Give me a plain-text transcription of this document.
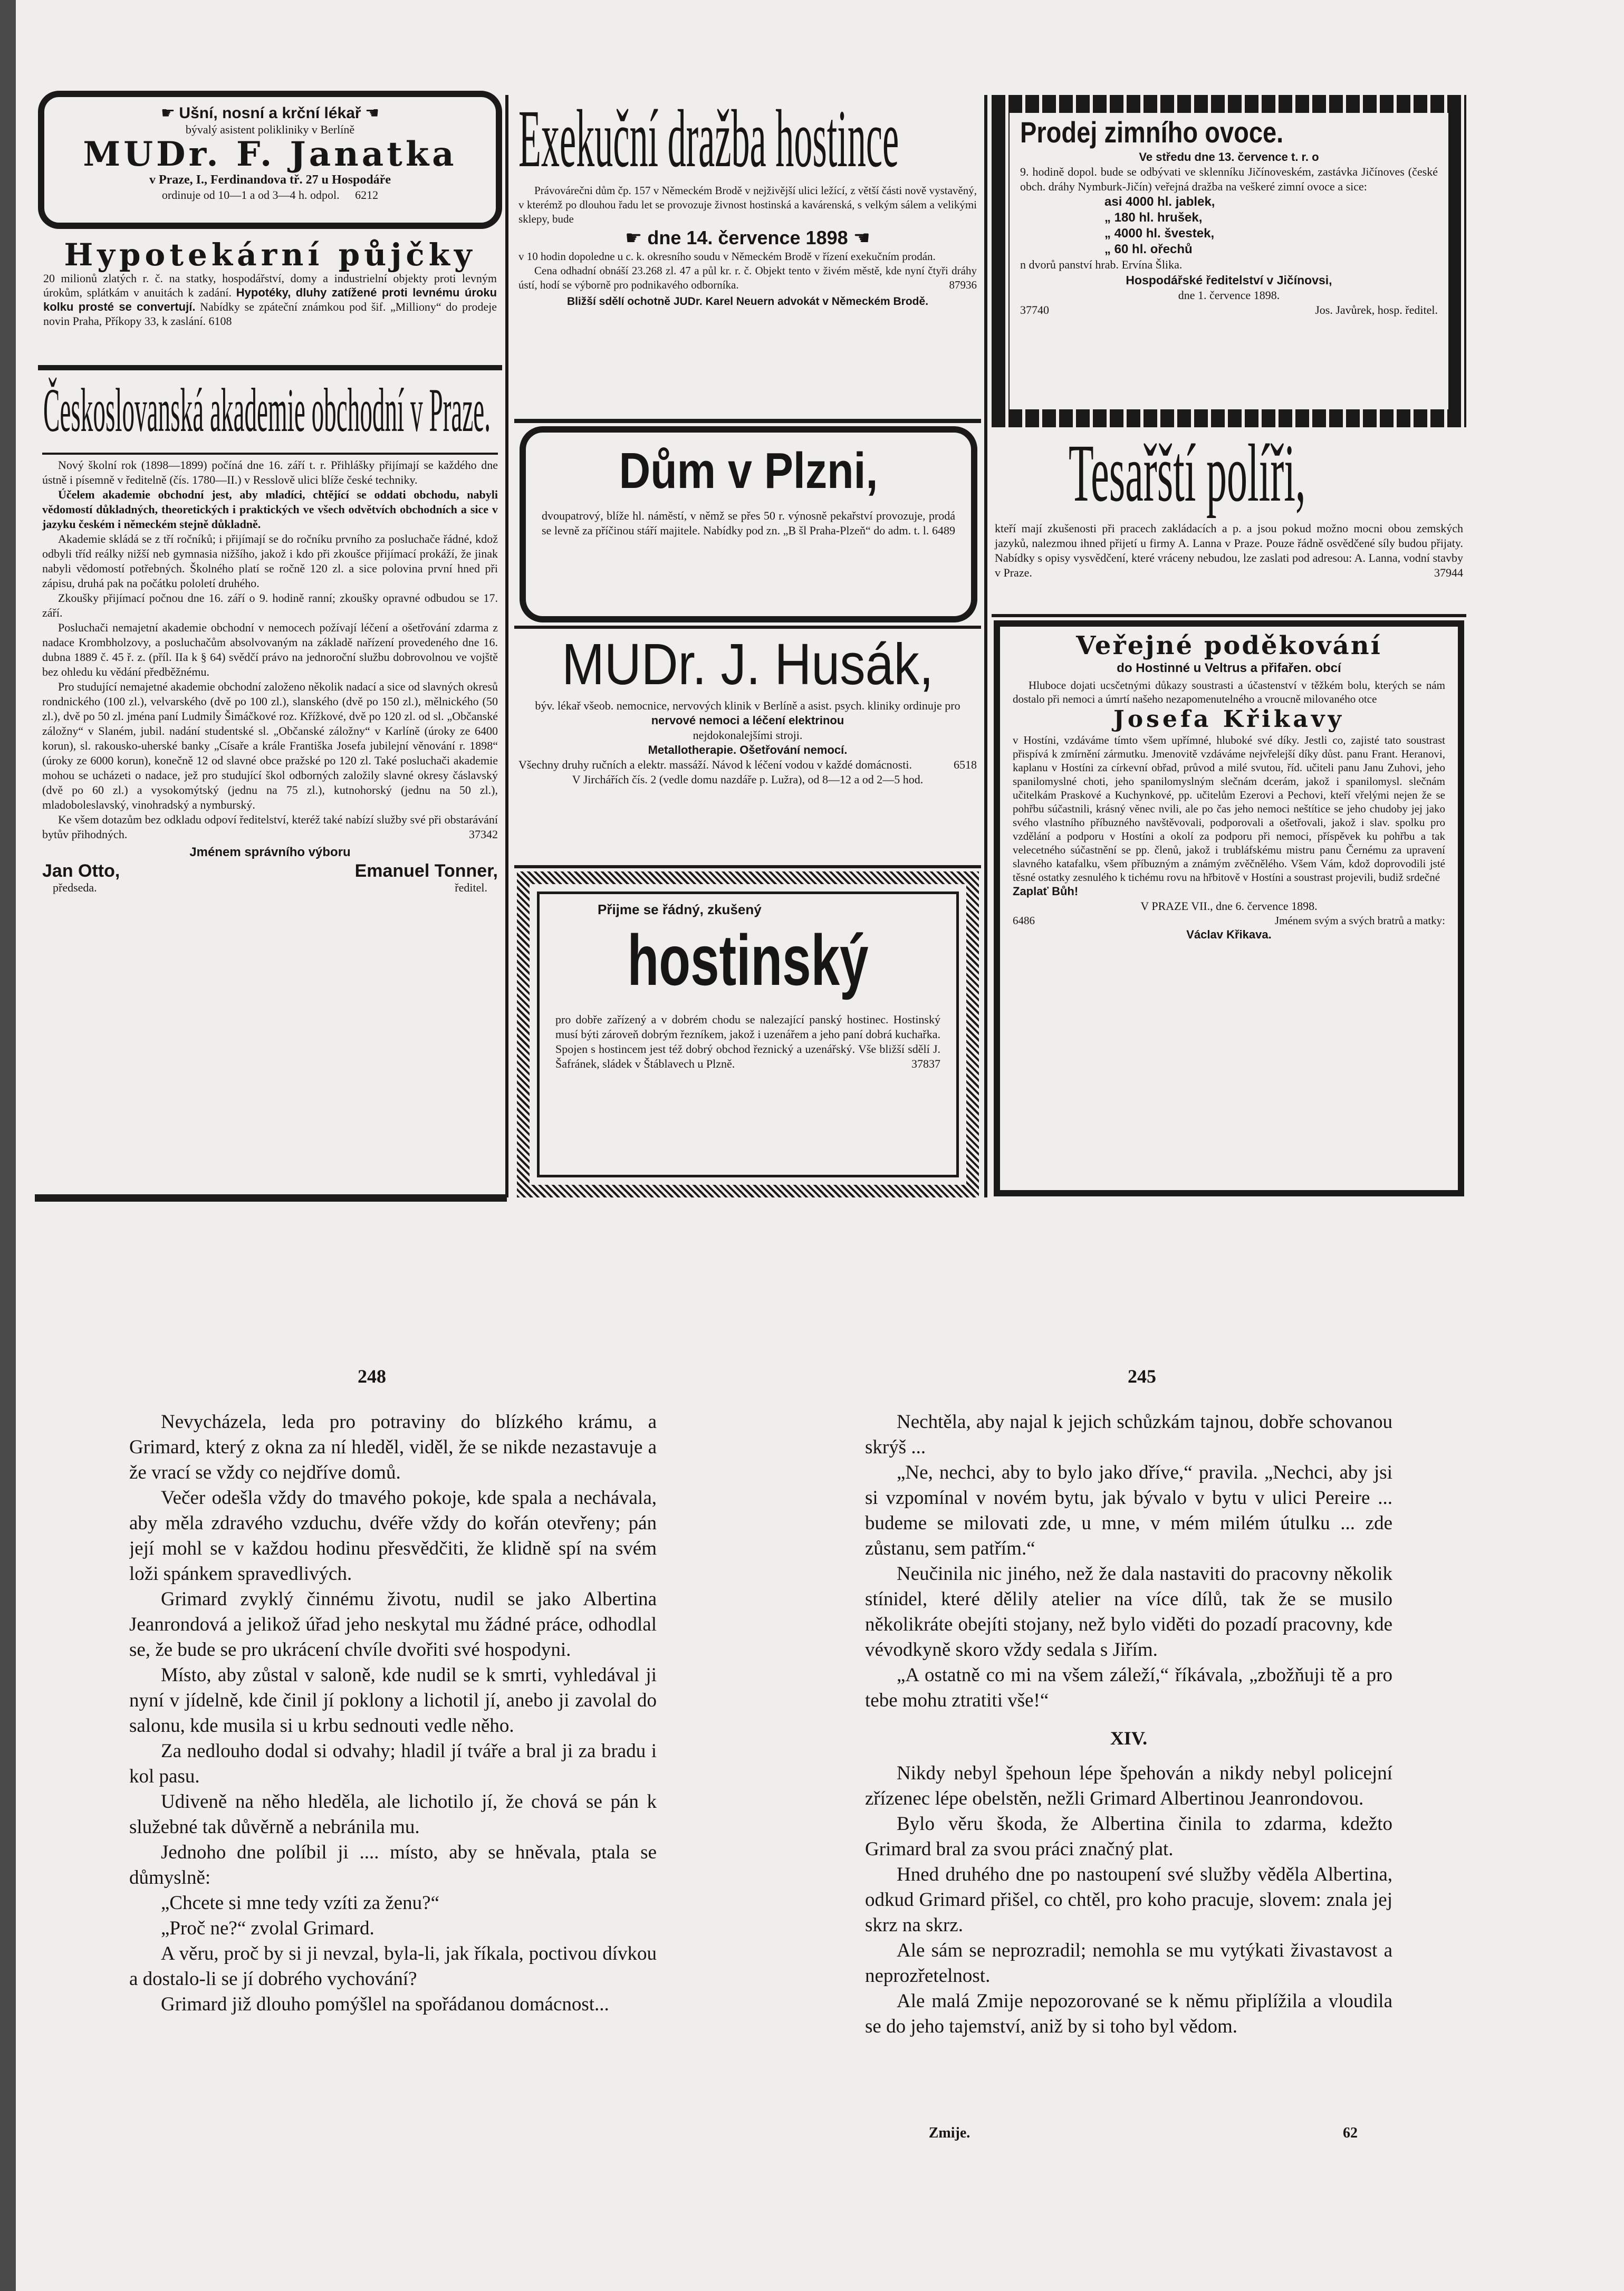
☛ Ušní, nosní a krční lékař ☚
bývalý asistent polikliniky v Berlíně
MUDr. F. Janatka
v Praze, I., Ferdinandova tř. 27 u Hospodáře
ordinuje od 10—1 a od 3—4 h. odpol. 6212
Hypotekární půjčky

20 milionů zlatých r. č. na statky, hospodářství, domy a industrielní objekty proti levným úrokům, splátkám v anuitách k zadání. Hypotéky, dluhy zatížené proti levnému úroku kolku prosté se convertují. Nabídky se zpáteční známkou pod šif. „Milliony“ do prodeje novin Praha, Příkopy 33, k zaslání. 6108

Českoslovanská akademie obchodní v Praze.

Nový školní rok (1898—1899) počíná dne 16. září t. r. Přihlášky přijímají se každého dne ústně i písemně v ředitelně (čís. 1780—II.) v Resslově ulici blíže české techniky.

Účelem akademie obchodní jest, aby mladíci, chtějící se oddati obchodu, nabyli vědomostí důkladných, theoretických i praktických ve všech odvětvích obchodních a sice v jazyku českém i německém stejně důkladně.

Akademie skládá se z tří ročníků; i přijímají se do ročníku prvního za posluchače řádné, kdož odbyli tříd reálky nižší neb gymnasia nižšího, jakož i kdo při zkoušce přijímací prokáží, že jinak nabyli vědomostí potřebných. Školného platí se ročně 120 zl. a sice polovina první hned při zápisu, druhá pak na počátku pololetí druhého.

Zkoušky přijímací počnou dne 16. září o 9. hodině ranní; zkoušky opravné odbudou se 17. září.

Posluchači nemajetní akademie obchodní v nemocech požívají léčení a ošetřování zdarma z nadace Krombholzovy, a posluchačům absolvovaným na základě nařízení provedeného dne 16. dubna 1889 č. 45 ř. z. (příl. IIa k § 64) svědčí právo na jednoroční službu dobrovolnou ve vojště bez ohledu ku vědání předběžnému.

Pro studující nemajetné akademie obchodní založeno několik nadací a sice od slavných okresů rondnického (100 zl.), velvarského (dvě po 100 zl.), slanského (dvě po 150 zl.), mělnického (50 zl.), dvě po 50 zl. jména paní Ludmily Šimáčkové roz. Křížkové, dvě po 120 zl. od sl. „Občanské záložny“ v Slaném, jubil. nadání studentské sl. „Občanské záložny“ v Karlíně (úroky ze 6400 korun), sl. rakousko-uherské banky „Císaře a krále Františka Josefa jubilejní věnování r. 1898“ (úroky ze 6000 korun), konečně 12 od slavné obce pražské po 120 zl. Také posluchači akademie mohou se ucházeti o nadace, jež pro studující škol odborných založily slavné okresy čáslavský (dvě po 60 zl.) a vysokomýtský (jednu na 75 zl.), kutnohorský (jednu na 50 zl.), mladoboleslavský, vinohradský a nymburský.

Ke všem dotazům bez odkladu odpoví ředitelství, kteréž také nabízí služby své při obstarávání bytův přihodných.	37342

Jménem správního výboru
Jan Otto,	Emanuel Tonner,
předseda.	ředitel.
Exekuční dražba hostince

Právovárečni dům čp. 157 v Německém Brodě v nejživější ulici ležící, z větší části nově vystavěný, v kterémž po dlouhou řadu let se provozuje živnost hostinská a kavárenská, s velkým sálem a velikými sklepy, bude

☛ dne 14. července 1898 ☚

v 10 hodin dopoledne u c. k. okresního soudu v Německém Brodě v řízení exekučním prodán.

Cena odhadní obnáší 23.268 zl. 47 a půl kr. r. č. Objekt tento v živém městě, kde nyní čtyři dráhy ústí, hodí se výborně pro podnikavého odborníka.	87936

Bližší sdělí ochotně JUDr. Karel Neuern advokát v Německém Brodě.

Dům v Plzni,

dvoupatrový, blíže hl. náměstí, v němž se přes 50 r. výnosně pekařství provozuje, prodá se levně za příčinou stáří majitele. Nabídky pod zn. „B šl Praha-Plzeň“ do adm. t. l. 6489

MUDr. J. Husák,

býv. lékař všeob. nemocnice, nervových klinik v Berlíně a asist. psych. kliniky ordinuje pro

nervové nemoci a léčení elektrinou

nejdokonalejšími stroji.

Metallotherapie. Ošetřování nemocí.

Všechny druhy ručních a elektr. massáží. Návod k léčení vodou v každé domácnosti.	6518

V Jirchářích čís. 2 (vedle domu nazdáře p. Lužra), od 8—12 a od 2—5 hod.

Přijme se řádný, zkušený
hostinský

pro dobře zařízený a v dobrém chodu se nalezající panský hostinec. Hostinský musí býti zároveň dobrým řezníkem, jakož i uzenářem a jeho paní dobrá kuchařka. Spojen s hostincem jest též dobrý obchod řeznický a uzenářský. Vše bližší sdělí J. Šafránek, sládek v Štáblavech u Plzně.	37837

Prodej zimního ovoce.

Ve středu dne 13. července t. r. o

9. hodině dopol. bude se odbývati ve sklenníku Jičínoveském, zastávka Jičínoves (české obch. dráhy Nymburk-Jičín) veřejná dražba na veškeré zimní ovoce a sice:

asi 4000 hl. jablek,
„ 180 hl. hrušek,
„ 4000 hl. švestek,
„ 60 hl. ořechů

n dvorů panství hrab. Ervína Šlika.

Hospodářské ředitelství v Jičínovsi,

dne 1. července 1898.

37740	Jos. Javůrek, hosp. ředitel.
Tesařští políři,

kteří mají zkušenosti při pracech zakládacích a p. a jsou pokud možno mocni obou zemských jazyků, nalezmou ihned přijetí u firmy A. Lanna v Praze. Pouze řádně osvědčené síly budou přijaty. Nabídky s opisy vysvědčení, které vráceny nebudou, lze zaslati pod adresou: A. Lanna, vodní stavby v Praze.	37944

Veřejné poděkování
do Hostinné u Veltrus a přifařen. obcí

Hluboce dojati ucsčetnými důkazy soustrasti a účastenství v těžkém bolu, kterých se nám dostalo při nemoci a úmrtí našeho nezapomenutelného a vroucně milovaného otce

Josefa Křikavy

v Hostíni, vzdáváme tímto všem upřímné, hluboké své díky. Jestli co, zajisté tato soustrast přispívá k zmírnění zármutku. Jmenovitě vzdáváme nejvřelejší díky důst. panu Frant. Heranovi, kaplanu v Hostíni za církevní obřad, průvod a milé svutou, říd. učiteli panu Janu Zuhovi, jeho spanilomyslné choti, jeho spanilomyslným slečnám dcerám, jakož i spanilomysl. slečnám učitelkám Praskové a Kuchynkové, pp. učitelům Ezerovi a Pechovi, kteří vřelými nejen že se pohřbu súčastnili, krásný věnec nvili, ale po čas jeho nemoci neštítice se jeho chudoby jej jako svého vlastního příbuzného navštěvovali, podporovali a ošetřovali, jakož i slav. spolku pro vzdělání a podporu v Hostíni a okolí za podporu při nemoci, příspěvek ku pohřbu a tak velecetného súčastnění se pp. členů, jakož i trubláfskému mistru panu Černému za upravení slavného katafalku, všem příbuzným a známým zvěčnělého. Všem Vám, kdož doprovodili jsté těsné ostatky zesnulého k tichému rovu na hřbitově v Hostíni a soustrast projevili, budiž srdečné

Zaplať Bůh!
V PRAZE VII., dne 6. července 1898.
6486	Jménem svým a svých bratrů a matky:
Václav Křikava.
248	245

Nevycházela, leda pro potraviny do blízkého krámu, a Grimard, který z okna za ní hleděl, viděl, že se nikde nezastavuje a že vrací se vždy co nejdříve domů.

Večer odešla vždy do tmavého pokoje, kde spala a nechávala, aby měla zdravého vzduchu, dvéře vždy do kořán otevřeny; pán její mohl se v každou hodinu přesvědčiti, že klidně spí na svém loži spánkem spravedlivých.

Grimard zvyklý činnému životu, nudil se jako Albertina Jeanrondová a jelikož úřad jeho neskytal mu žádné práce, odhodlal se, že bude se pro ukrácení chvíle dvořiti své hospodyni.

Místo, aby zůstal v saloně, kde nudil se k smrti, vyhledával ji nyní v jídelně, kde činil jí poklony a lichotil jí, anebo ji zavolal do salonu, kde musila si u krbu sednouti vedle něho.

Za nedlouho dodal si odvahy; hladil jí tváře a bral ji za bradu i kol pasu.

Udiveně na něho hleděla, ale lichotilo jí, že chová se pán k služebné tak důvěrně a nebránila mu.

Jednoho dne políbil ji .... místo, aby se hněvala, ptala se důmyslně:

„Chcete si mne tedy vzíti za ženu?“

„Proč ne?“ zvolal Grimard.

A věru, proč by si ji nevzal, byla-li, jak říkala, poctivou dívkou a dostalo-li se jí dobrého vychování?

Grimard již dlouho pomýšlel na spořádanou domácnost...

Nechtěla, aby najal k jejich schůzkám tajnou, dobře schovanou skrýš ...

„Ne, nechci, aby to bylo jako dříve,“ pravila. „Nechci, aby jsi si vzpomínal v novém bytu, jak bývalo v bytu v ulici Pereire ... budeme se milovati zde, u mne, v mém milém útulku ... zde zůstanu, sem patřím.“

Neučinila nic jiného, než že dala nastaviti do pracovny několik stínidel, které dělily atelier na více dílů, tak že se musilo několikráte obejíti stojany, než bylo viděti do pozadí pracovny, kde vévodkyně skoro vždy sedala s Jiřím.

„A ostatně co mi na všem záleží,“ říkávala, „zbožňuji tě a pro tebe mohu ztratiti vše!“

XIV.

Nikdy nebyl špehoun lépe špehován a nikdy nebyl policejní zřízenec lépe obelstěn, nežli Grimard Albertinou Jeanrondovou.

Bylo věru škoda, že Albertina činila to zdarma, kdežto Grimard bral za svou práci značný plat.

Hned druhého dne po nastoupení své služby věděla Albertina, odkud Grimard přišel, co chtěl, pro koho pracuje, slovem: znala jej skrz na skrz.

Ale sám se neprozradil; nemohla se mu vytýkati živastavost a neprozřetelnost.

Ale malá Zmije nepozorované se k němu připlížila a vloudila se do jeho tajemství, aniž by si toho byl vědom.

Zmije.	62
